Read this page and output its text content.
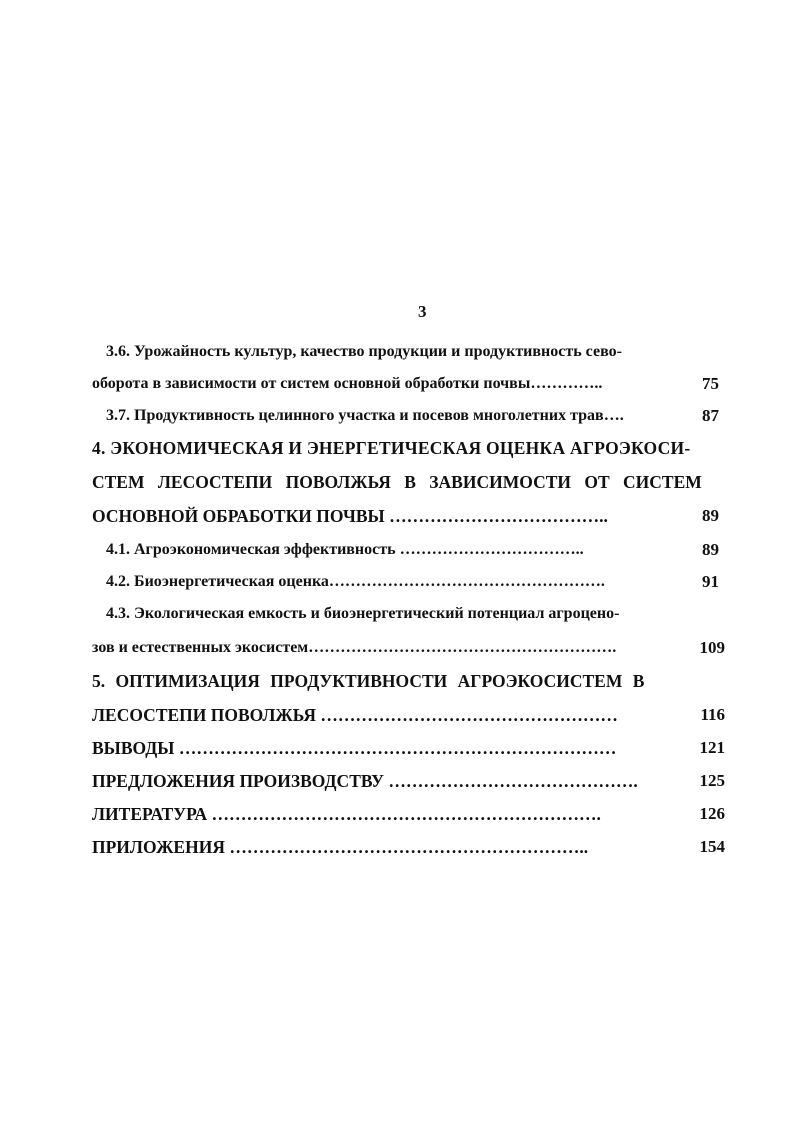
3
3.6. Урожайность культур, качество продукции и продуктивность сево-
оборота в зависимости от систем основной обработки почвы…………..	75
3.7. Продуктивность целинного участка и посевов многолетних трав….	87
4. ЭКОНОМИЧЕСКАЯ И ЭНЕРГЕТИЧЕСКАЯ ОЦЕНКА АГРОЭКОСИ-
СТЕМ ЛЕСОСТЕПИ ПОВОЛЖЬЯ В ЗАВИСИМОСТИ ОТ СИСТЕМ
ОСНОВНОЙ ОБРАБОТКИ ПОЧВЫ ………………………………..	89
4.1. Агроэкономическая эффективность ……………………………..	89
4.2. Биоэнергетическая оценка…………………………………………….	91
4.3. Экологическая емкость и биоэнергетический потенциал агроцено-
зов и естественных экосистем………………………………………………….	109
5. ОПТИМИЗАЦИЯ ПРОДУКТИВНОСТИ АГРОЭКОСИСТЕМ В
ЛЕСОСТЕПИ ПОВОЛЖЬЯ ……………………………………………	116
ВЫВОДЫ …………………………………………………………………	121
ПРЕДЛОЖЕНИЯ ПРОИЗВОДСТВУ …………………………………….	125
ЛИТЕРАТУРА ………………………………………………………….	126
ПРИЛОЖЕНИЯ ……………………………………………………..	154
